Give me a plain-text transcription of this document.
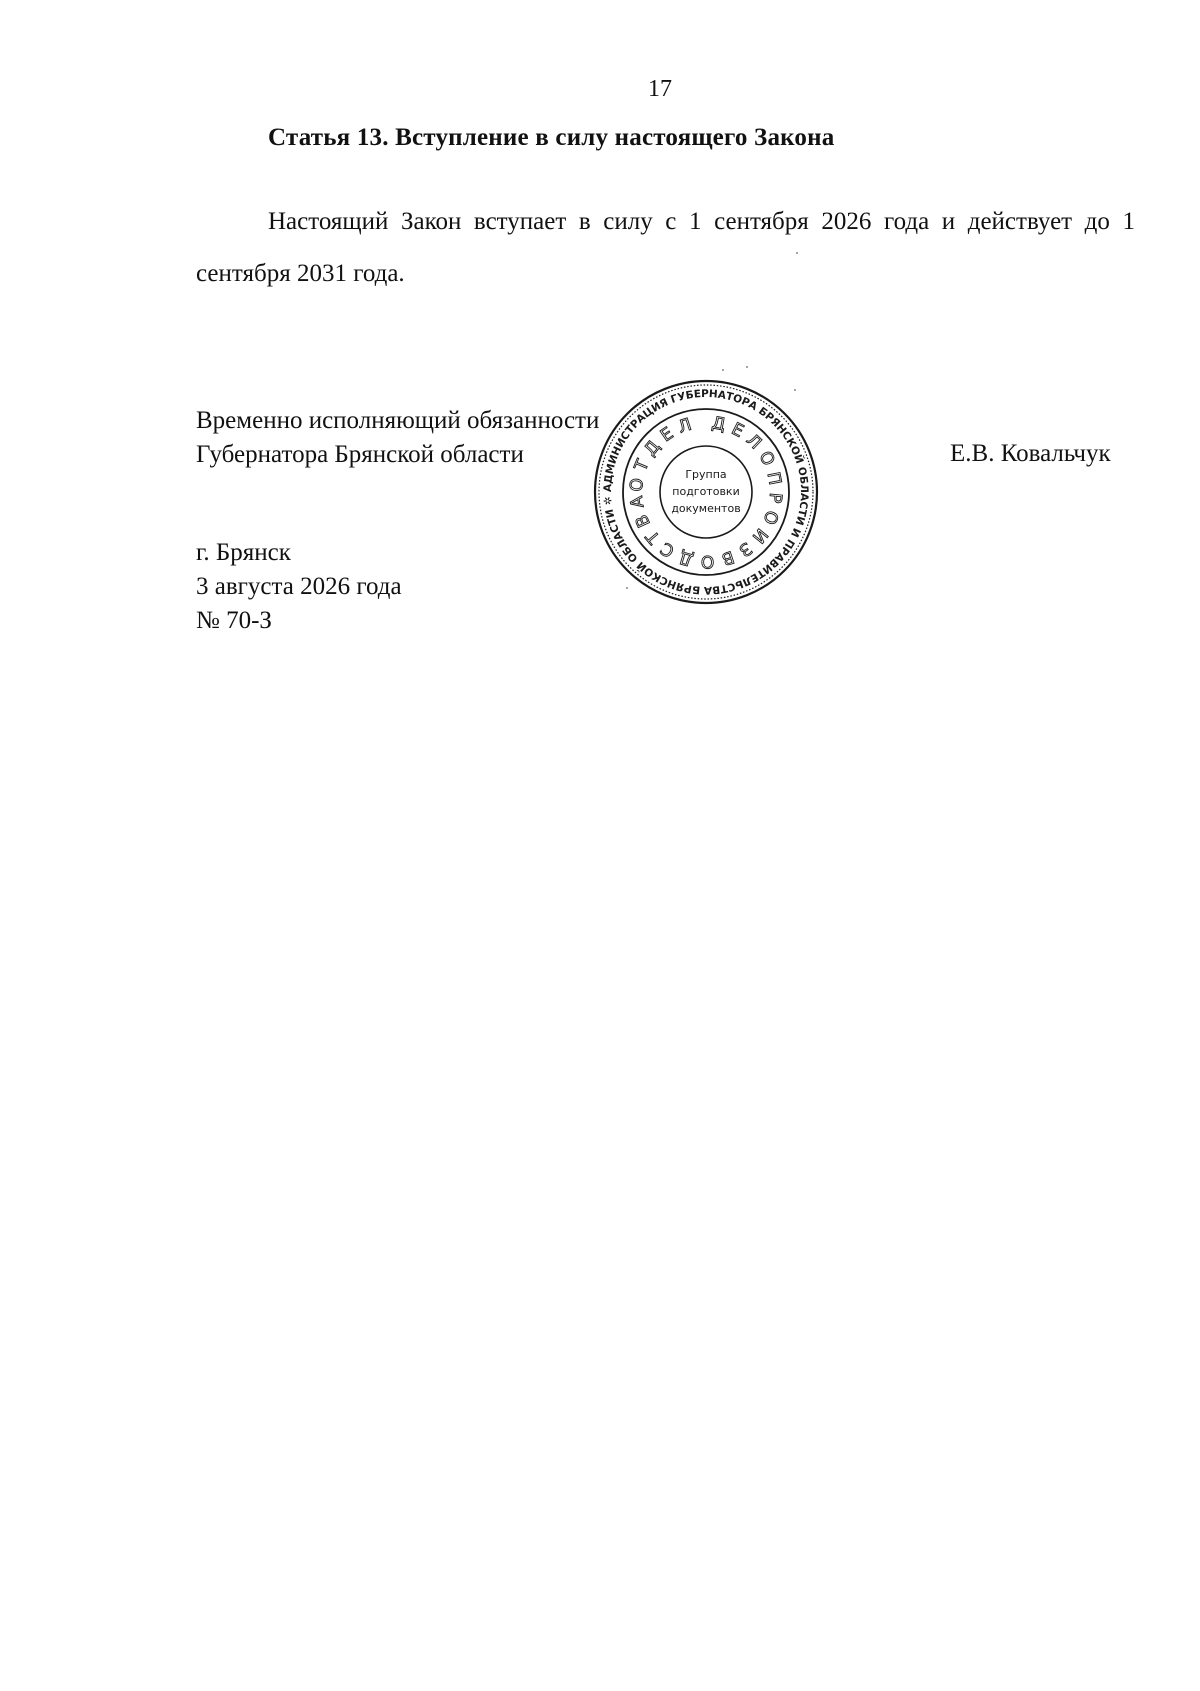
17
Статья 13. Вступление в силу настоящего Закона

Настоящий Закон вступает в силу с 1 сентября 2026 года и действует до 1 сентября 2031 года.

Временно исполняющий обязанности
Губернатора Брянской области	Е.В. Ковальчук
г. Брянск
3 августа 2026 года
№ 70-З
АДМИНИСТРАЦИЯ ГУБЕРНАТОРА БРЯНСКОЙ ОБЛАСТИ И ПРАВИТЕЛЬСТВА БРЯНСКОЙ ОБЛАСТИ ✲
ОТДЕЛ ДЕЛОПРОИЗВОДСТВА
Группа
подготовки
документов
